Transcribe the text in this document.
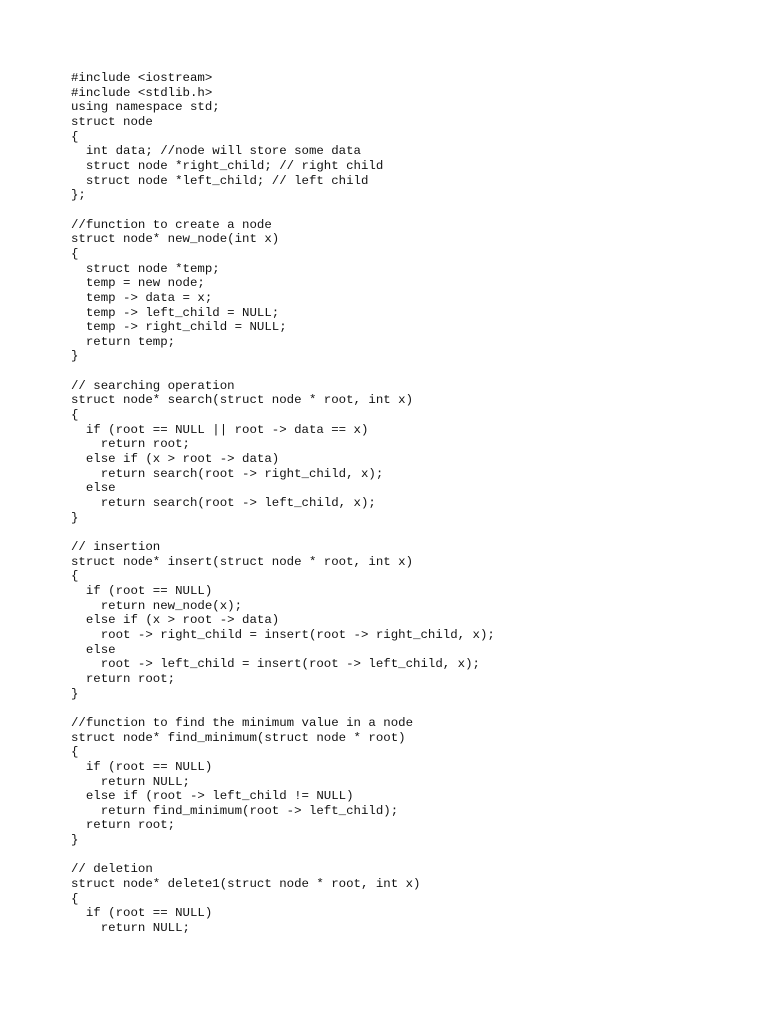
#include <iostream>
#include <stdlib.h>
using namespace std;
struct node
{
int data; //node will store some data
struct node *right_child; // right child
struct node *left_child; // left child
};
//function to create a node
struct node* new_node(int x)
{
struct node *temp;
temp = new node;
temp -> data = x;
temp -> left_child = NULL;
temp -> right_child = NULL;
return temp;
}
// searching operation
struct node* search(struct node * root, int x)
{
if (root == NULL || root -> data == x)
return root;
else if (x > root -> data)
return search(root -> right_child, x);
else
return search(root -> left_child, x);
}
// insertion
struct node* insert(struct node * root, int x)
{
if (root == NULL)
return new_node(x);
else if (x > root -> data)
root -> right_child = insert(root -> right_child, x);
else
root -> left_child = insert(root -> left_child, x);
return root;
}
//function to find the minimum value in a node
struct node* find_minimum(struct node * root)
{
if (root == NULL)
return NULL;
else if (root -> left_child != NULL)
return find_minimum(root -> left_child);
return root;
}
// deletion
struct node* delete1(struct node * root, int x)
{
if (root == NULL)
return NULL;
